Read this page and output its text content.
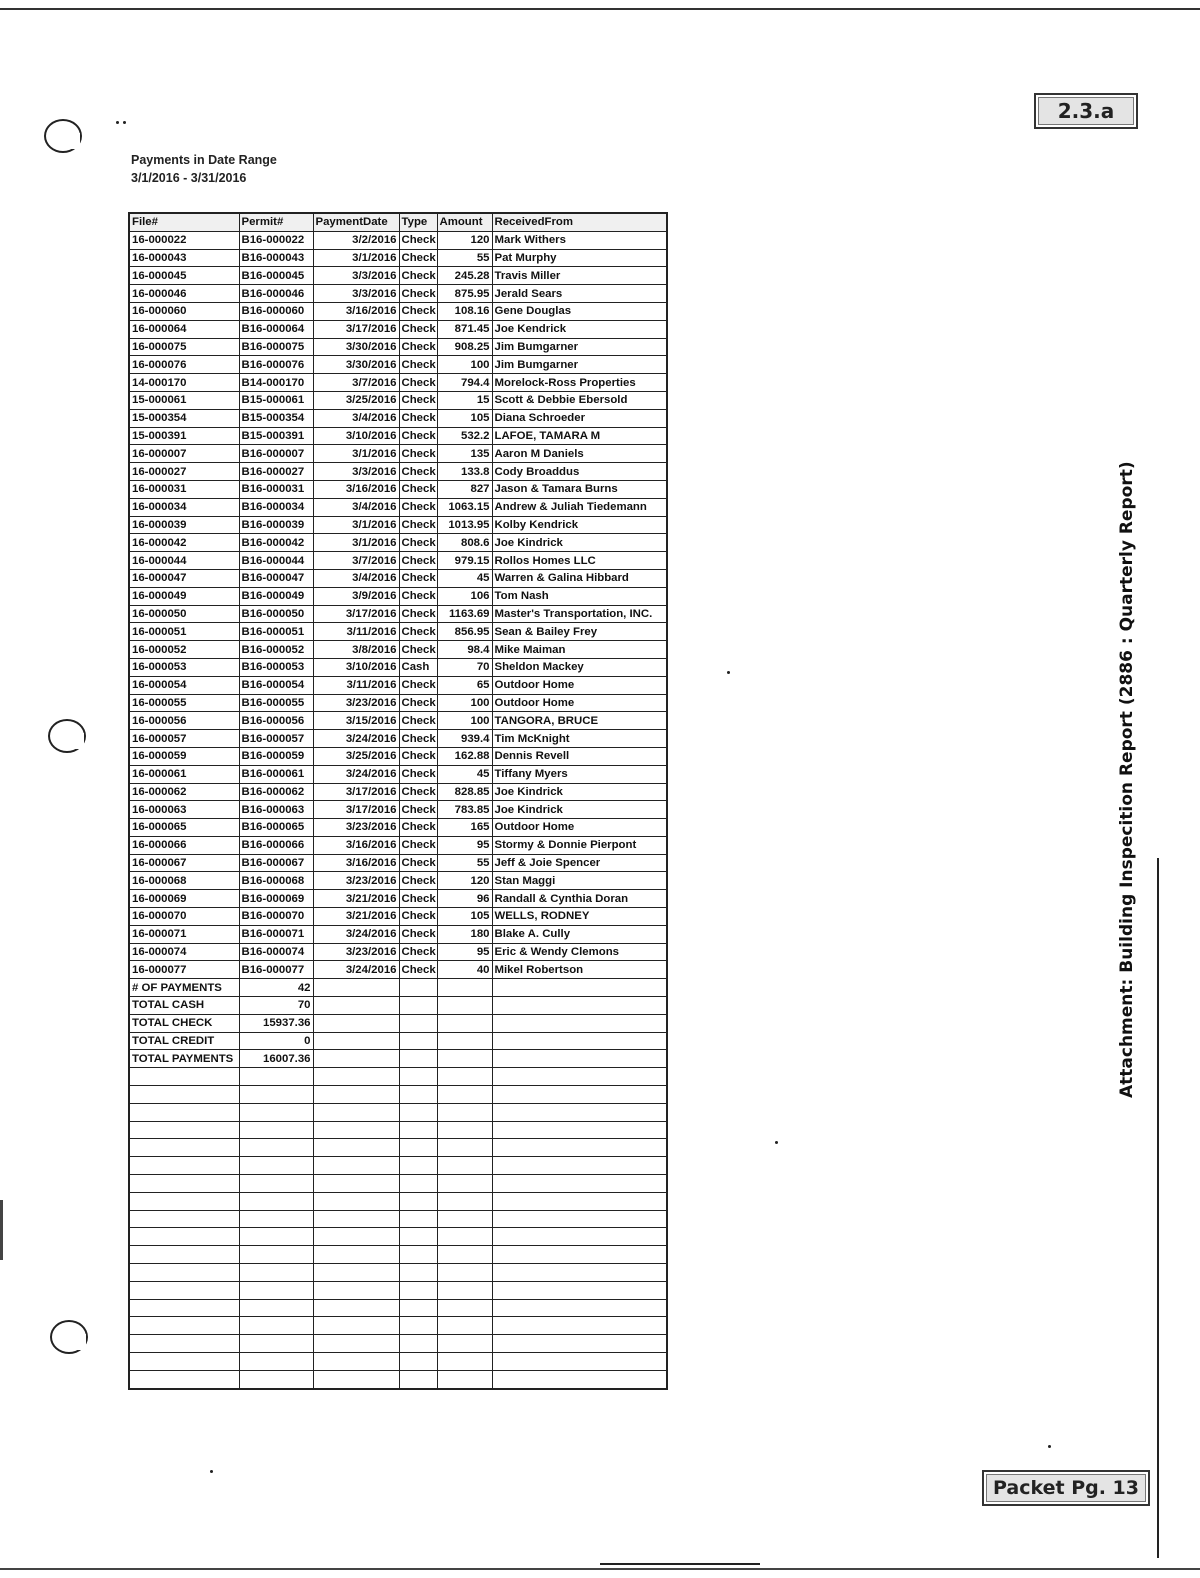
2.3.a
Packet Pg. 13
Payments in Date Range
3/1/2016 - 3/31/2016
Attachment: Building Inspecition Report (2886 : Quarterly Report)
File#	Permit#	PaymentDate	Type	Amount	ReceivedFrom
16-000022	B16-000022	3/2/2016	Check	120	Mark Withers
16-000043	B16-000043	3/1/2016	Check	55	Pat Murphy
16-000045	B16-000045	3/3/2016	Check	245.28	Travis Miller
16-000046	B16-000046	3/3/2016	Check	875.95	Jerald Sears
16-000060	B16-000060	3/16/2016	Check	108.16	Gene Douglas
16-000064	B16-000064	3/17/2016	Check	871.45	Joe Kendrick
16-000075	B16-000075	3/30/2016	Check	908.25	Jim Bumgarner
16-000076	B16-000076	3/30/2016	Check	100	Jim Bumgarner
14-000170	B14-000170	3/7/2016	Check	794.4	Morelock-Ross Properties
15-000061	B15-000061	3/25/2016	Check	15	Scott & Debbie Ebersold
15-000354	B15-000354	3/4/2016	Check	105	Diana Schroeder
15-000391	B15-000391	3/10/2016	Check	532.2	LAFOE, TAMARA M
16-000007	B16-000007	3/1/2016	Check	135	Aaron M Daniels
16-000027	B16-000027	3/3/2016	Check	133.8	Cody Broaddus
16-000031	B16-000031	3/16/2016	Check	827	Jason & Tamara Burns
16-000034	B16-000034	3/4/2016	Check	1063.15	Andrew & Juliah Tiedemann
16-000039	B16-000039	3/1/2016	Check	1013.95	Kolby Kendrick
16-000042	B16-000042	3/1/2016	Check	808.6	Joe Kindrick
16-000044	B16-000044	3/7/2016	Check	979.15	Rollos Homes LLC
16-000047	B16-000047	3/4/2016	Check	45	Warren & Galina Hibbard
16-000049	B16-000049	3/9/2016	Check	106	Tom Nash
16-000050	B16-000050	3/17/2016	Check	1163.69	Master's Transportation, INC.
16-000051	B16-000051	3/11/2016	Check	856.95	Sean & Bailey Frey
16-000052	B16-000052	3/8/2016	Check	98.4	Mike Maiman
16-000053	B16-000053	3/10/2016	Cash	70	Sheldon Mackey
16-000054	B16-000054	3/11/2016	Check	65	Outdoor Home
16-000055	B16-000055	3/23/2016	Check	100	Outdoor Home
16-000056	B16-000056	3/15/2016	Check	100	TANGORA, BRUCE
16-000057	B16-000057	3/24/2016	Check	939.4	Tim McKnight
16-000059	B16-000059	3/25/2016	Check	162.88	Dennis Revell
16-000061	B16-000061	3/24/2016	Check	45	Tiffany Myers
16-000062	B16-000062	3/17/2016	Check	828.85	Joe Kindrick
16-000063	B16-000063	3/17/2016	Check	783.85	Joe Kindrick
16-000065	B16-000065	3/23/2016	Check	165	Outdoor Home
16-000066	B16-000066	3/16/2016	Check	95	Stormy & Donnie Pierpont
16-000067	B16-000067	3/16/2016	Check	55	Jeff & Joie Spencer
16-000068	B16-000068	3/23/2016	Check	120	Stan Maggi
16-000069	B16-000069	3/21/2016	Check	96	Randall & Cynthia Doran
16-000070	B16-000070	3/21/2016	Check	105	WELLS, RODNEY
16-000071	B16-000071	3/24/2016	Check	180	Blake A. Cully
16-000074	B16-000074	3/23/2016	Check	95	Eric & Wendy Clemons
16-000077	B16-000077	3/24/2016	Check	40	Mikel Robertson
# OF PAYMENTS	42				
TOTAL CASH	70				
TOTAL CHECK	15937.36				
TOTAL CREDIT	0				
TOTAL PAYMENTS	16007.36				
